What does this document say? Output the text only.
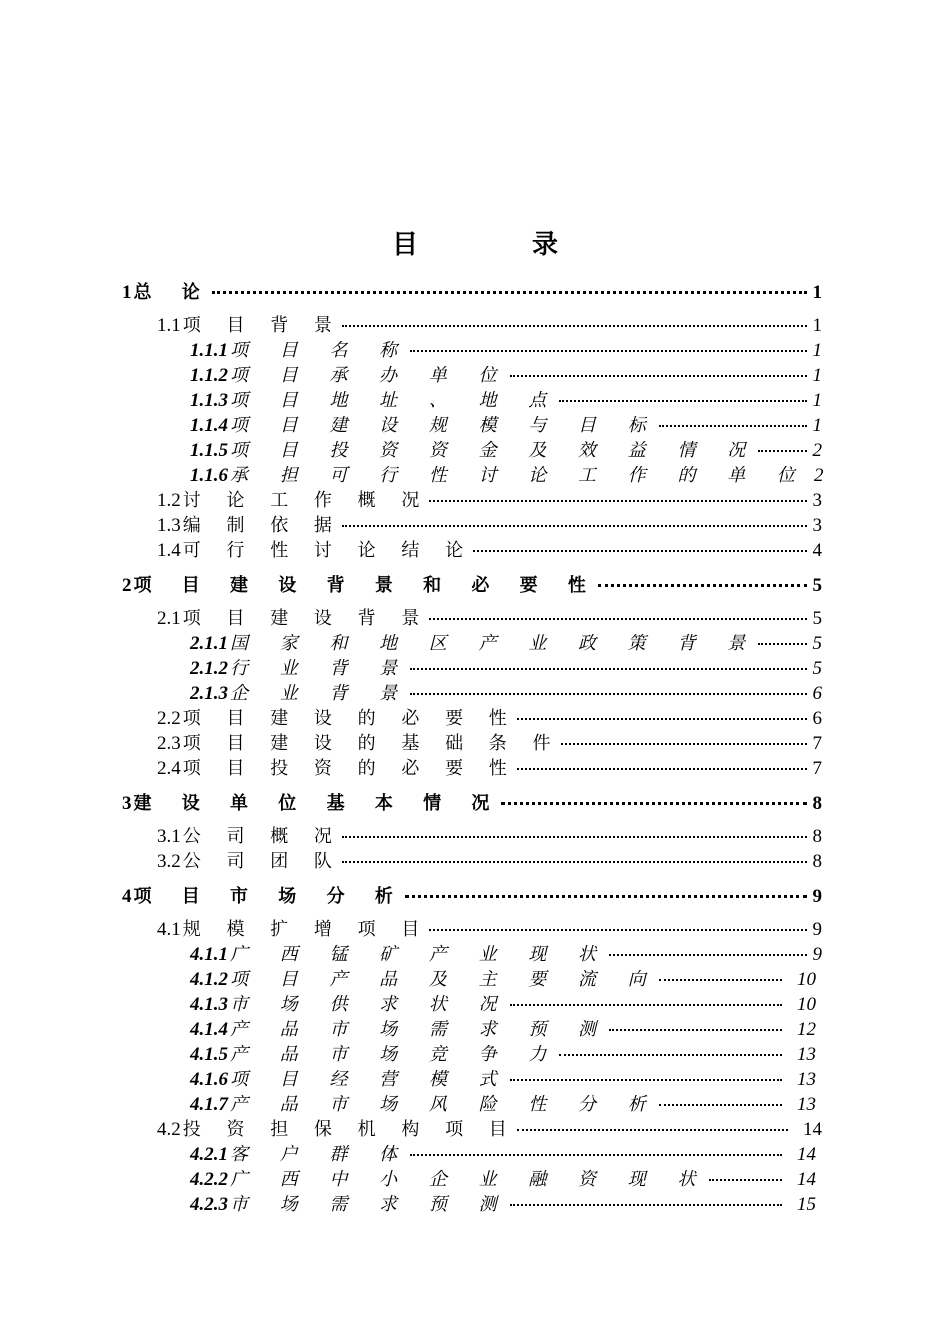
目　录
1 总 论	1
1.1 项 目 背 景	1
1.1.1 项 目 名 称	1
1.1.2 项 目 承 办 单 位	1
1.1.3 项 目 地 址 、 地 点	1
1.1.4 项 目 建 设 规 模 与 目 标	1
1.1.5 项 目 投 资 资 金 及 效 益 情 况	2
1.1.6 承 担 可 行 性 讨 论 工 作 的 单 位 2
1.2 讨 论 工 作 概 况	3
1.3 编 制 依 据	3
1.4 可 行 性 讨 论 结 论	4
2 项 目 建 设 背 景 和 必 要 性	5
2.1 项 目 建 设 背 景	5
2.1.1 国 家 和 地 区 产 业 政 策 背 景	5
2.1.2 行 业 背 景	5
2.1.3 企 业 背 景	6
2.2 项 目 建 设 的 必 要 性	6
2.3 项 目 建 设 的 基 础 条 件	7
2.4 项 目 投 资 的 必 要 性	7
3 建 设 单 位 基 本 情 况	8
3.1 公 司 概 况	8
3.2 公 司 团 队	8
4 项 目 市 场 分 析	9
4.1 规 模 扩 增 项 目	9
4.1.1 广 西 锰 矿 产 业 现 状	9
4.1.2 项 目 产 品 及 主 要 流 向	10
4.1.3 市 场 供 求 状 况	10
4.1.4 产 品 市 场 需 求 预 测	12
4.1.5 产 品 市 场 竞 争 力	13
4.1.6 项 目 经 营 模 式	13
4.1.7 产 品 市 场 风 险 性 分 析	13
4.2 投 资 担 保 机 构 项 目	14
4.2.1 客 户 群 体	14
4.2.2 广 西 中 小 企 业 融 资 现 状	14
4.2.3 市 场 需 求 预 测	15
